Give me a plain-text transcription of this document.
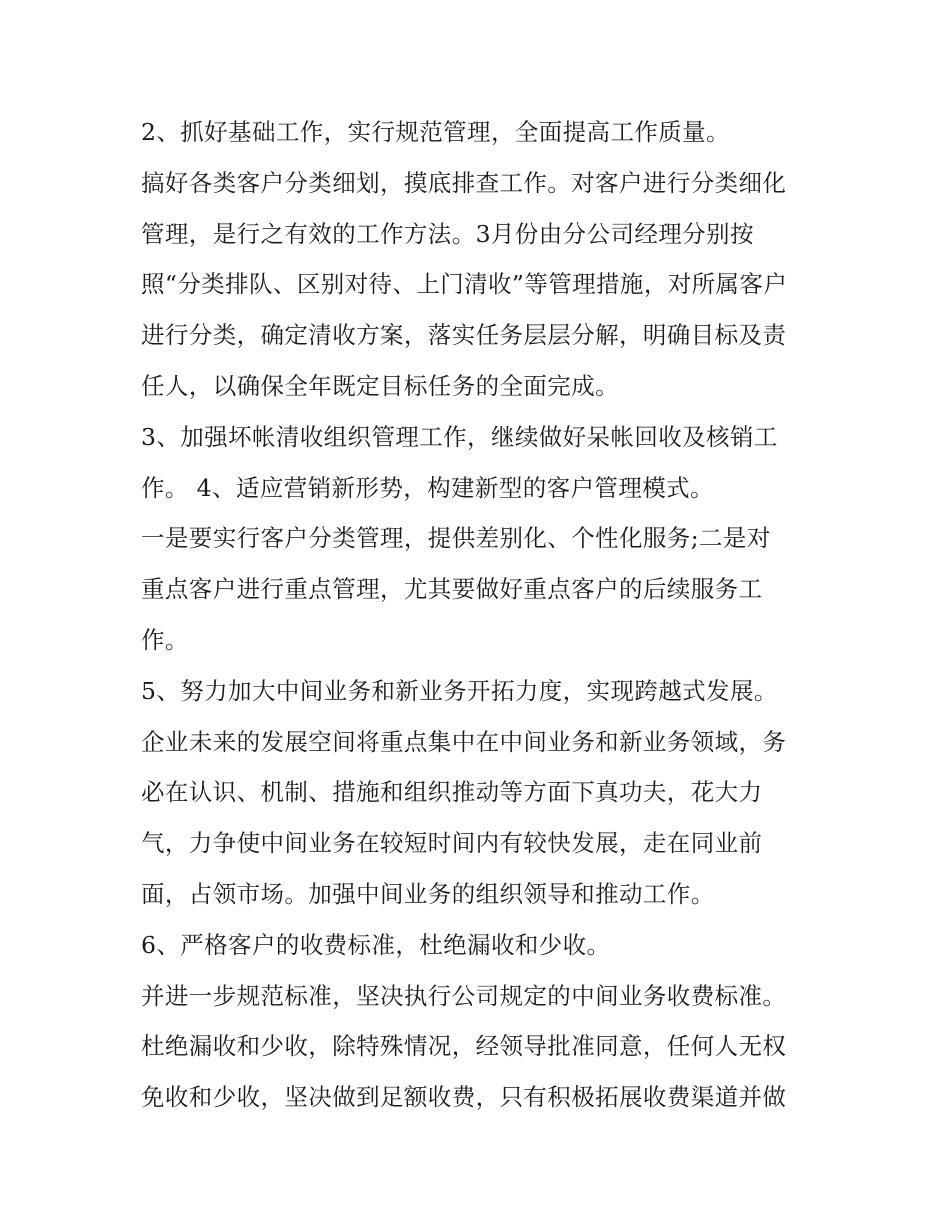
2、抓好基础工作，实行规范管理，全面提高工作质量。
搞好各类客户分类细划，摸底排查工作。对客户进行分类细化
管理，是行之有效的工作方法。3月份由分公司经理分别按
照“分类排队、区别对待、上门清收”等管理措施，对所属客户
进行分类，确定清收方案，落实任务层层分解，明确目标及责
任人，以确保全年既定目标任务的全面完成。
3、加强坏帐清收组织管理工作，继续做好呆帐回收及核销工
作。 4、适应营销新形势，构建新型的客户管理模式。
一是要实行客户分类管理，提供差别化、个性化服务;二是对
重点客户进行重点管理，尤其要做好重点客户的后续服务工
作。
5、努力加大中间业务和新业务开拓力度，实现跨越式发展。
企业未来的发展空间将重点集中在中间业务和新业务领域，务
必在认识、机制、措施和组织推动等方面下真功夫，花大力
气，力争使中间业务在较短时间内有较快发展，走在同业前
面，占领市场。加强中间业务的组织领导和推动工作。
6、严格客户的收费标准，杜绝漏收和少收。
并进一步规范标准，坚决执行公司规定的中间业务收费标准。
杜绝漏收和少收，除特殊情况，经领导批准同意，任何人无权
免收和少收，坚决做到足额收费，只有积极拓展收费渠道并做
